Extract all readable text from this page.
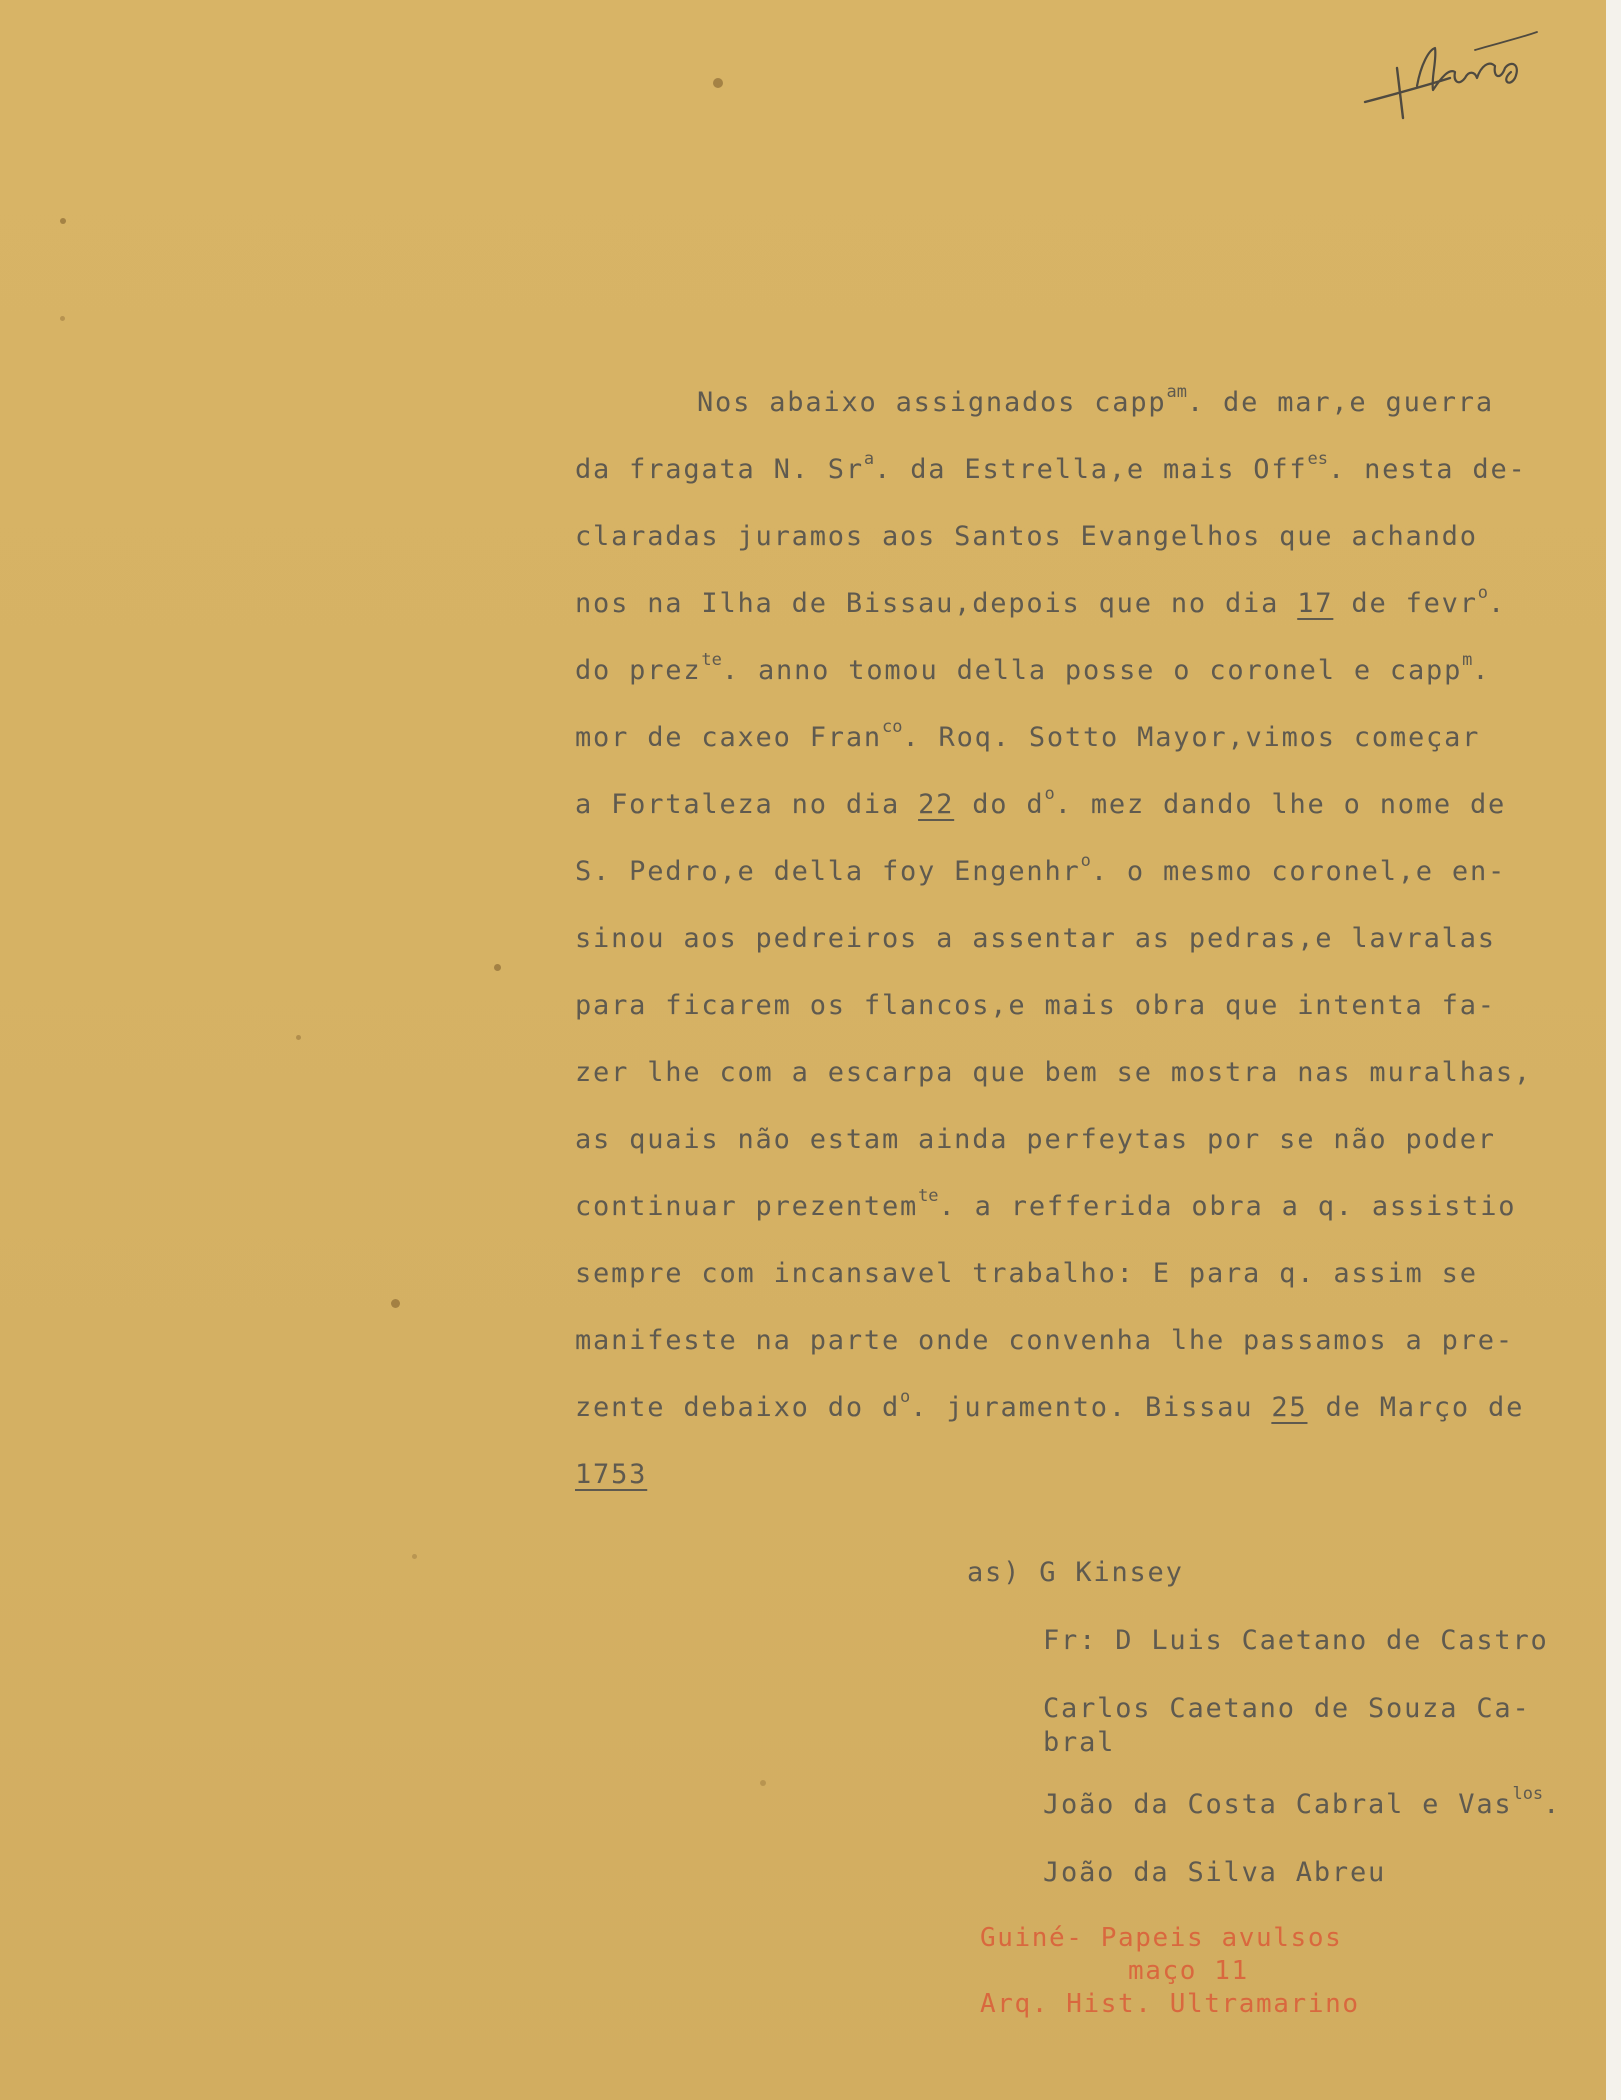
Nos abaixo assignados capp$^{am}$. de mar,e guerra
da fragata N. Sr$^a$. da Estrella,e mais Off$^{es}$. nesta de-
claradas juramos aos Santos Evangelhos que achando
nos na Ilha de Bissau,depois que no dia 17 de fevr$^o$.
do prez$^{te}$. anno tomou della posse o coronel e capp$^m$.
mor de caxeo Fran$^{co}$. Roq. Sotto Mayor,vimos começar
a Fortaleza no dia 22 do $d^o$. mez dando lhe o nome de
S. Pedro,e della foy Engenhr$^o$. o mesmo coronel,e en-
sinou aos pedreiros a assentar as pedras,e lavralas
para ficarem os flancos,e mais obra que intenta fa-
zer lhe com a escarpa que bem se mostra nas muralhas,
as quais não estam ainda perfeytas por se não poder
continuar prezentem$^{te}$. a refferida obra a q. assistio
sempre com incansavel trabalho: E para q. assim se
manifeste na parte onde convenha lhe passamos a pre-
zente debaixo do $d^o$. juramento. Bissau 25 de Março de
1753
as) G Kinsey
Fr: D Luis Caetano de Castro
Carlos Caetano de Souza Ca-
bral
João da Costa Cabral e Vas$^{los}$.
João da Silva Abreu
Guiné- Papeis avulsos
maço 11
Arq. Hist. Ultramarino
